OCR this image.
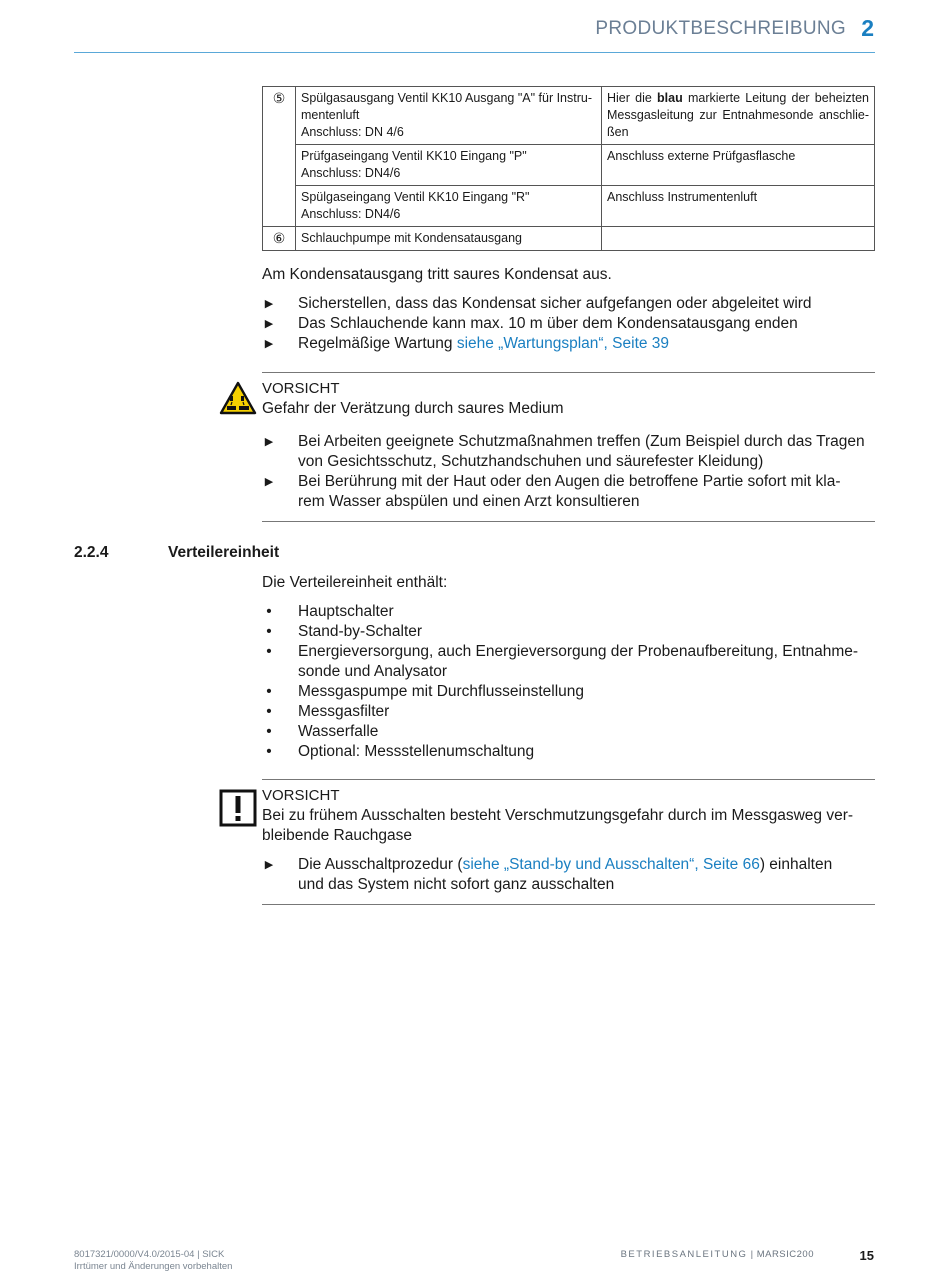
PRODUKTBESCHREIBUNG 2
⑤	Spülgasausgang Ventil KK10 Ausgang "A" für Instru-
mentenluft
Anschluss: DN 4/6	Hier die blau markierte Leitung der beheizten Messgasleitung zur Entnahmesonde anschlie-ßen
	Prüfgaseingang Ventil KK10 Eingang "P"
Anschluss: DN4/6	Anschluss externe Prüfgasflasche
	Spülgaseingang Ventil KK10 Eingang "R"
Anschluss: DN4/6	Anschluss Instrumentenluft
⑥	Schlauchpumpe mit Kondensatausgang	
Am Kondensatausgang tritt saures Kondensat aus.
▶ Sicherstellen, dass das Kondensat sicher aufgefangen oder abgeleitet wird
▶ Das Schlauchende kann max. 10 m über dem Kondensatausgang enden
▶ Regelmäßige Wartung siehe „Wartungsplan“, Seite 39
VORSICHT
Gefahr der Verätzung durch saures Medium
▶ Bei Arbeiten geeignete Schutzmaßnahmen treffen (Zum Beispiel durch das Tragen
von Gesichtsschutz, Schutzhandschuhen und säurefester Kleidung)
▶ Bei Berührung mit der Haut oder den Augen die betroffene Partie sofort mit kla-
rem Wasser abspülen und einen Arzt konsultieren
2.2.4	Verteilereinheit
Die Verteilereinheit enthält:
• Hauptschalter
• Stand-by-Schalter
• Energieversorgung, auch Energieversorgung der Probenaufbereitung, Entnahme-
sonde und Analysator
• Messgaspumpe mit Durchflusseinstellung
• Messgasfilter
• Wasserfalle
• Optional: Messstellenumschaltung
VORSICHT
Bei zu frühem Ausschalten besteht Verschmutzungsgefahr durch im Messgasweg ver-
bleibende Rauchgase
▶ Die Ausschaltprozedur (siehe „Stand-by und Ausschalten“, Seite 66) einhalten
und das System nicht sofort ganz ausschalten
8017321/0000/V4.0/2015-04 | SICK
Irrtümer und Änderungen vorbehalten
BETRIEBSANLEITUNG | MARSIC200	15
